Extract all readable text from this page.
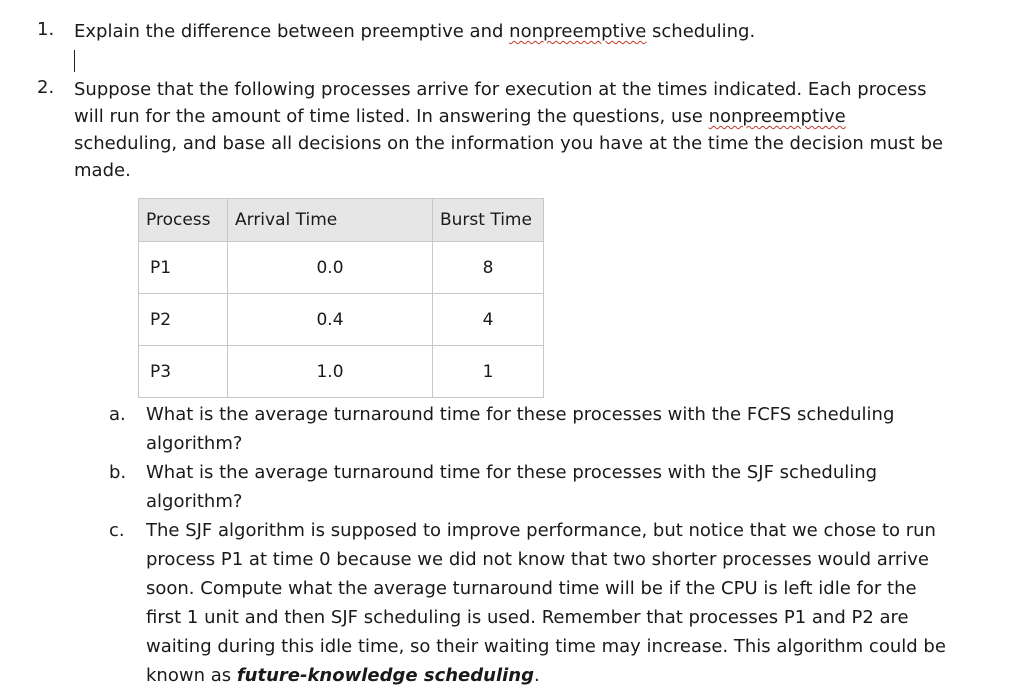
1. Explain the difference between preemptive and nonpreemptive scheduling.
2. Suppose that the following processes arrive for execution at the times indicated. Each process
will run for the amount of time listed. In answering the questions, use nonpreemptive
scheduling, and base all decisions on the information you have at the time the decision must be
made.
Process	Arrival Time	Burst Time
P1	0.0	8
P2	0.4	4
P3	1.0	1
a. What is the average turnaround time for these processes with the FCFS scheduling
algorithm?
b. What is the average turnaround time for these processes with the SJF scheduling
algorithm?
c. The SJF algorithm is supposed to improve performance, but notice that we chose to run
process P1 at time 0 because we did not know that two shorter processes would arrive
soon. Compute what the average turnaround time will be if the CPU is left idle for the
first 1 unit and then SJF scheduling is used. Remember that processes P1 and P2 are
waiting during this idle time, so their waiting time may increase. This algorithm could be
known as future-knowledge scheduling.
